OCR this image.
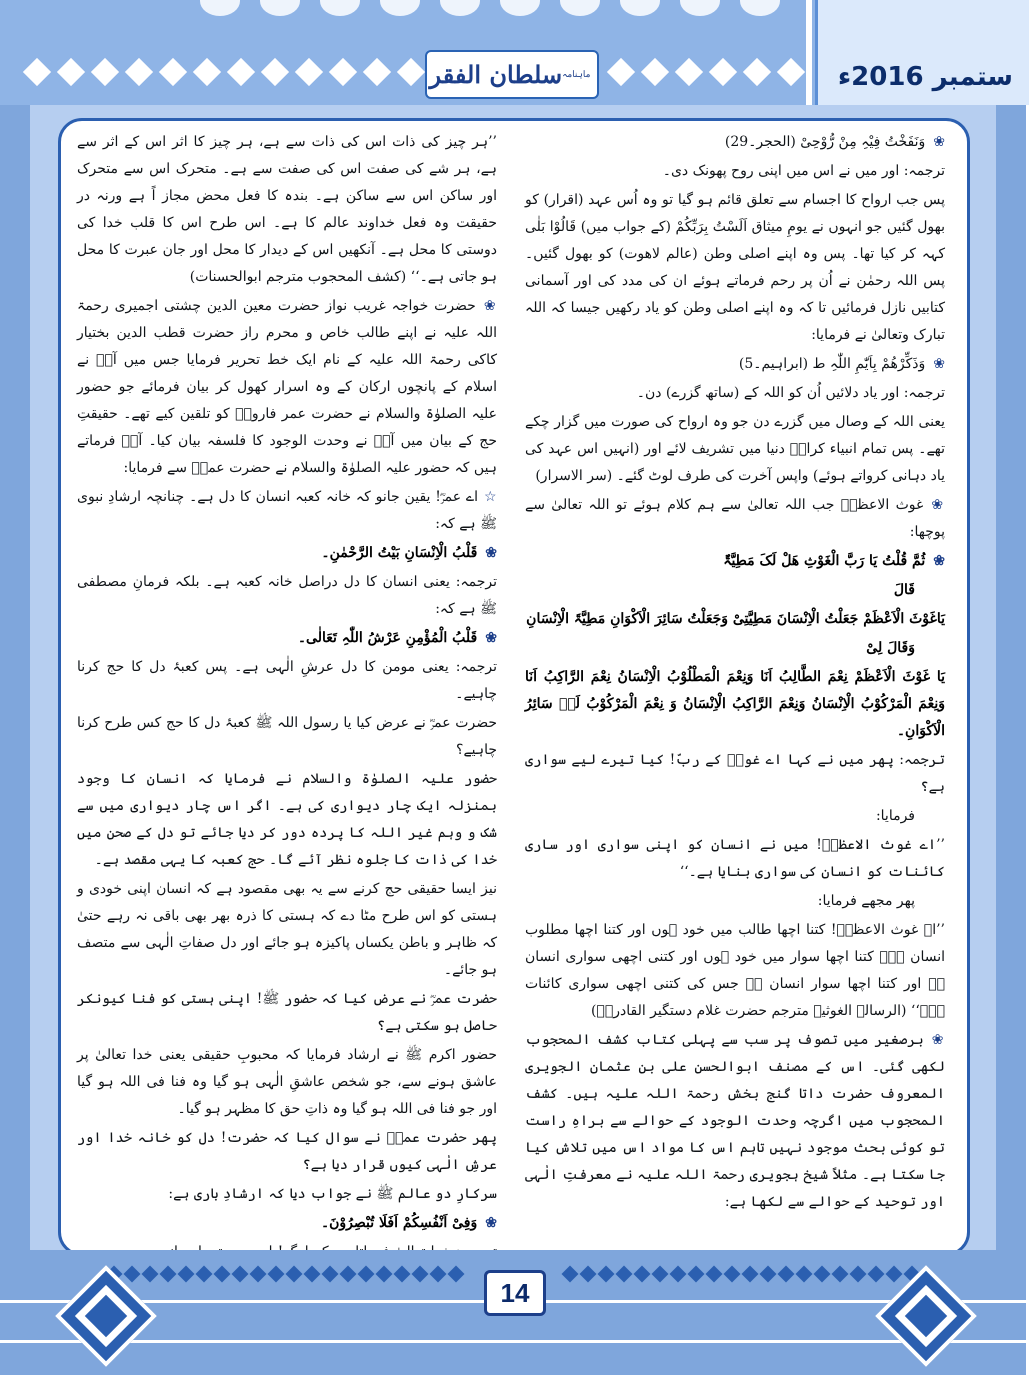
سلطان الفقر ماہنامہ	ستمبر 2016ء

❀ وَنَفَخْتُ فِیْہِ مِنْ رُّوْحِیْ (الحجر۔29)

ترجمہ: اور میں نے اس میں اپنی روح پھونک دی۔

پس جب ارواح کا اجسام سے تعلق قائم ہو گیا تو وہ اُس عہد (اقرار) کو بھول گئیں جو انہوں نے یومِ میثاق اَلَسْتُ بِرَبِّکُمْ (کے جواب میں) قَالُوْا بَلٰی کہہ کر کیا تھا۔ پس وہ اپنے اصلی وطن (عالم لاھوت) کو بھول گئیں۔ پس اللہ رحمٰن نے اُن پر رحم فرماتے ہوئے ان کی مدد کی اور آسمانی کتابیں نازل فرمائیں تا کہ وہ اپنے اصلی وطن کو یاد رکھیں جیسا کہ اللہ تبارک وتعالیٰ نے فرمایا:

❀ وَذَکِّرْھُمْ بِاَیّٰمِ اللّٰہِ ط (ابراہیم۔5)

ترجمہ: اور یاد دلائیں اُن کو اللہ کے (ساتھ گزرے) دن۔

یعنی اللہ کے وصال میں گزرے دن جو وہ ارواح کی صورت میں گزار چکے تھے۔ پس تمام انبیاء کرامؑ دنیا میں تشریف لائے اور (انہیں اس عہد کی یاد دہانی کرواتے ہوئے) واپس آخرت کی طرف لوٹ گئے۔ (سر الاسرار)

❀ غوث الاعظمؓ جب اللہ تعالیٰ سے ہم کلام ہوئے تو اللہ تعالیٰ سے پوچھا:

❀ ثُمَّ قُلْتُ یَا رَبَّ الْغَوْثِ ھَلْ لَکَ مَطِیَّۃٌ

قَالَ

یَاغَوْثَ الْاَعْظَمْ جَعَلْتُ الْاِنْسَانَ مَطِیَّتِیْ وَجَعَلْتُ سَائِرَ الْاَکْوَانِ مَطِیَّۃَ الْاِنْسَانِ

وَقَالَ لِیْ

یَا غَوْثَ الْاَعْظَمْ نِعْمَ الطَّالِبُ اَنَا وَنِعْمَ الْمَطْلُوْبُ الْاِنْسَانُ نِعْمَ الرَّاکِبُ اَنَا وَنِعْمَ الْمَرْکُوْبُ الْاِنْسَانُ وَنِعْمَ الرَّاکِبُ الْاِنْسَانُ وَ نِعْمَ الْمَرْکُوْبُ لَہٗ سَائِرُ الْاَکْوَانِ۔

ترجمہ: پھر میں نے کہا اے غوثؓ کے ربّ! کیا تیرے لیے سواری ہے؟

فرمایا:

’’اے غوث الاعظمؓ! میں نے انسان کو اپنی سواری اور ساری کائنات کو انسان کی سواری بنایا ہے۔‘‘

پھر مجھے فرمایا:

’’اے غوث الاعظمؓ! کتنا اچھا طالب میں خود ہوں اور کتنا اچھا مطلوب انسان ہے۔ کتنا اچھا سوار میں خود ہوں اور کتنی اچھی سواری انسان ہے اور کتنا اچھا سوار انسان ہے جس کی کتنی اچھی سواری کائنات ہے۔‘‘ (الرسالۃ الغوثیہ مترجم حضرت غلام دستگیر القادریؒ)

❀ برصغیر میں تصوف پر سب سے پہلی کتاب کشف المحجوب لکھی گئی۔ اس کے مصنف ابوالحسن علی بن عثمان الجویری المعروف حضرت داتا گنج بخش رحمۃ اللہ علیہ ہیں۔ کشف المحجوب میں اگرچہ وحدت الوجود کے حوالے سے براہِ راست تو کوئی بحث موجود نہیں تاہم اس کا مواد اس میں تلاش کیا جا سکتا ہے۔ مثلاً شیخ ہجویری رحمۃ اللہ علیہ نے معرفتِ الٰہی اور توحید کے حوالے سے لکھا ہے:

’’ہر چیز کی ذات اس کی ذات سے ہے، ہر چیز کا اثر اس کے اثر سے ہے، ہر شے کی صفت اس کی صفت سے ہے۔ متحرک اس سے متحرک اور ساکن اس سے ساکن ہے۔ بندہ کا فعل محض مجاز اً ہے ورنہ در حقیقت وہ فعل خداوند عالم کا ہے۔ اس طرح اس کا قلب خدا کی دوستی کا محل ہے۔ آنکھیں اس کے دیدار کا محل اور جان عبرت کا محل ہو جاتی ہے۔‘‘ (کشف المحجوب مترجم ابوالحسنات)

❀ حضرت خواجہ غریب نواز حضرت معین الدین چشتی اجمیری رحمۃ اللہ علیہ نے اپنے طالب خاص و محرم راز حضرت قطب الدین بختیار کاکی رحمۃ اللہ علیہ کے نام ایک خط تحریر فرمایا جس میں آپؒ نے اسلام کے پانچوں ارکان کے وہ اسرار کھول کر بیان فرمائے جو حضور علیہ الصلوٰۃ والسلام نے حضرت عمر فاروقؓ کو تلقین کیے تھے۔ حقیقتِ حج کے بیان میں آپؒ نے وحدت الوجود کا فلسفہ بیان کیا۔ آپؒ فرماتے ہیں کہ حضور علیہ الصلوٰۃ والسلام نے حضرت عمرؓ سے فرمایا:

☆اے عمرؓ! یقین جانو کہ خانہ کعبہ انسان کا دل ہے۔ چنانچہ ارشادِ نبوی ﷺ ہے کہ:

❀ قَلْبُ الْاِنْسَانِ بَیْتُ الرَّحْمٰنِ۔

ترجمہ: یعنی انسان کا دل دراصل خانہ کعبہ ہے۔ بلکہ فرمانِ مصطفی ﷺ ہے کہ:

❀ قَلْبُ الْمُؤْمِنِ عَرْشُ اللّٰہِ تَعَالٰی۔

ترجمہ: یعنی مومن کا دل عرشِ الٰہی ہے۔ پس کعبۂ دل کا حج کرنا چاہیے۔

حضرت عمرؓ نے عرض کیا یا رسول اللہ ﷺ کعبۂ دل کا حج کس طرح کرنا چاہیے؟

حضور علیہ الصلوٰۃ والسلام نے فرمایا کہ انسان کا وجود بمنزلہ ایک چار دیواری کی ہے۔ اگر اس چار دیواری میں سے شک و وہم غیر اللہ کا پردہ دور کر دیا جائے تو دل کے صحن میں خدا کی ذات کا جلوہ نظر آئے گا۔ حج کعبہ کا یہی مقصد ہے۔

نیز ایسا حقیقی حج کرنے سے یہ بھی مقصود ہے کہ انسان اپنی خودی و ہستی کو اس طرح مٹا دے کہ ہستی کا ذرہ بھر بھی باقی نہ رہے حتیٰ کہ ظاہر و باطن یکساں پاکیزہ ہو جائے اور دل صفاتِ الٰہی سے متصف ہو جائے۔

حضرت عمرؓ نے عرض کیا کہ حضور ﷺ! اپنی ہستی کو فنا کیونکر حاصل ہو سکتی ہے؟

حضور اکرم ﷺ نے ارشاد فرمایا کہ محبوبِ حقیقی یعنی خدا تعالیٰ پر عاشق ہونے سے، جو شخص عاشقِ الٰہی ہو گیا وہ فنا فی اللہ ہو گیا اور جو فنا فی اللہ ہو گیا وہ ذاتِ حق کا مظہر ہو گیا۔

پھر حضرت عمرؓ نے سوال کیا کہ حضرت! دل کو خانہ خدا اور عرشِ الٰہی کیوں قرار دیا ہے؟

سرکارِ دو عالم ﷺ نے جواب دیا کہ ارشادِ باری ہے:

❀ وَفِیْ اَنْفُسِکُمْ اَفَلَا تُبْصِرُوْنَ۔

14
